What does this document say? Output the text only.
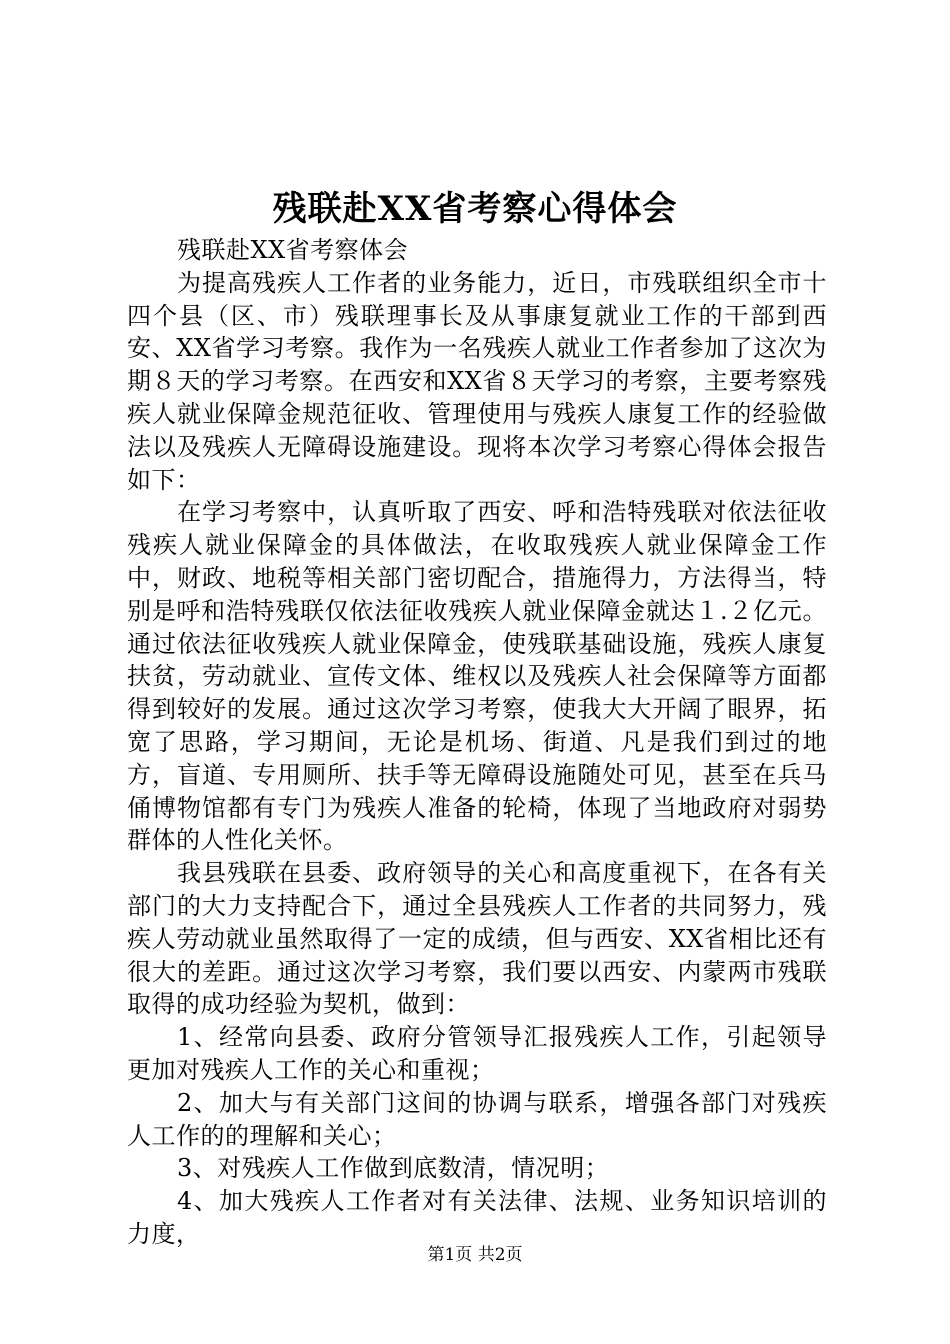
残联赴XX省考察心得体会

残联赴XX省考察体会

为提高残疾人工作者的业务能力，近日，市残联组织全市十四个县（区、市）残联理事长及从事康复就业工作的干部到西安、XX省学习考察。我作为一名残疾人就业工作者参加了这次为期８天的学习考察。在西安和XX省８天学习的考察，主要考察残疾人就业保障金规范征收、管理使用与残疾人康复工作的经验做法以及残疾人无障碍设施建设。现将本次学习考察心得体会报告如下：

在学习考察中，认真听取了西安、呼和浩特残联对依法征收残疾人就业保障金的具体做法，在收取残疾人就业保障金工作中，财政、地税等相关部门密切配合，措施得力，方法得当，特别是呼和浩特残联仅依法征收残疾人就业保障金就达１.２亿元。通过依法征收残疾人就业保障金，使残联基础设施，残疾人康复扶贫，劳动就业、宣传文体、维权以及残疾人社会保障等方面都得到较好的发展。通过这次学习考察，使我大大开阔了眼界，拓宽了思路，学习期间，无论是机场、街道、凡是我们到过的地方，盲道、专用厕所、扶手等无障碍设施随处可见，甚至在兵马俑博物馆都有专门为残疾人准备的轮椅，体现了当地政府对弱势群体的人性化关怀。

我县残联在县委、政府领导的关心和高度重视下，在各有关部门的大力支持配合下，通过全县残疾人工作者的共同努力，残疾人劳动就业虽然取得了一定的成绩，但与西安、XX省相比还有很大的差距。通过这次学习考察，我们要以西安、内蒙两市残联取得的成功经验为契机，做到：

1、经常向县委、政府分管领导汇报残疾人工作，引起领导更加对残疾人工作的关心和重视；

2、加大与有关部门这间的协调与联系，增强各部门对残疾人工作的的理解和关心；

3、对残疾人工作做到底数清，情况明；

4、加大残疾人工作者对有关法律、法规、业务知识培训的力度，

第1页 共2页
